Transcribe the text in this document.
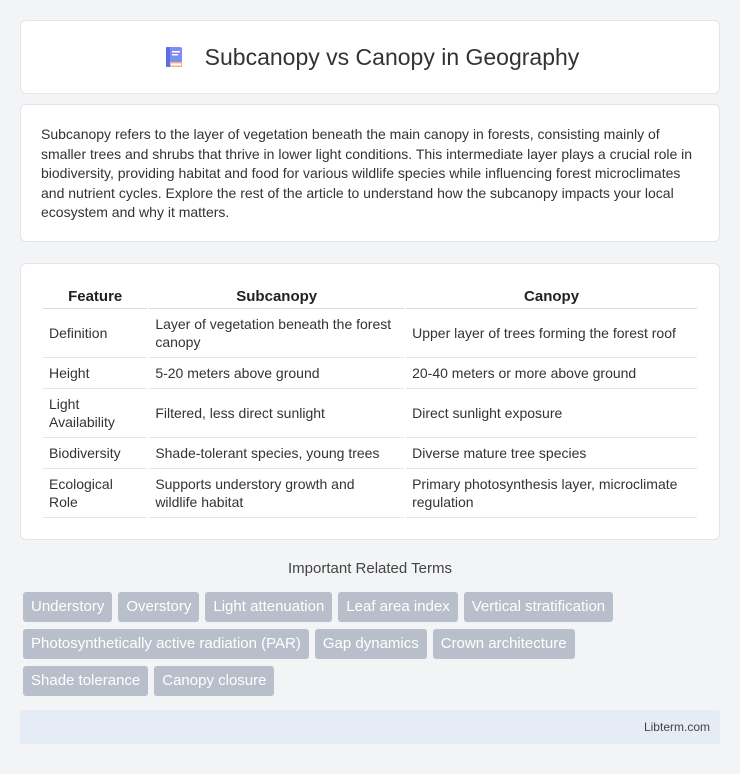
Subcanopy vs Canopy in Geography

Subcanopy refers to the layer of vegetation beneath the main canopy in forests, consisting mainly of smaller trees and shrubs that thrive in lower light conditions. This intermediate layer plays a crucial role in biodiversity, providing habitat and food for various wildlife species while influencing forest microclimates and nutrient cycles. Explore the rest of the article to understand how the subcanopy impacts your local ecosystem and why it matters.

Feature	Subcanopy	Canopy
Definition	Layer of vegetation beneath the forest canopy	Upper layer of trees forming the forest roof
Height	5-20 meters above ground	20-40 meters or more above ground
Light Availability	Filtered, less direct sunlight	Direct sunlight exposure
Biodiversity	Shade-tolerant species, young trees	Diverse mature tree species
Ecological Role	Supports understory growth and wildlife habitat	Primary photosynthesis layer, microclimate regulation
Important Related Terms
Understory	Overstory	Light attenuation	Leaf area index	Vertical stratification
Photosynthetically active radiation (PAR)	Gap dynamics	Crown architecture
Shade tolerance	Canopy closure
Libterm.com
